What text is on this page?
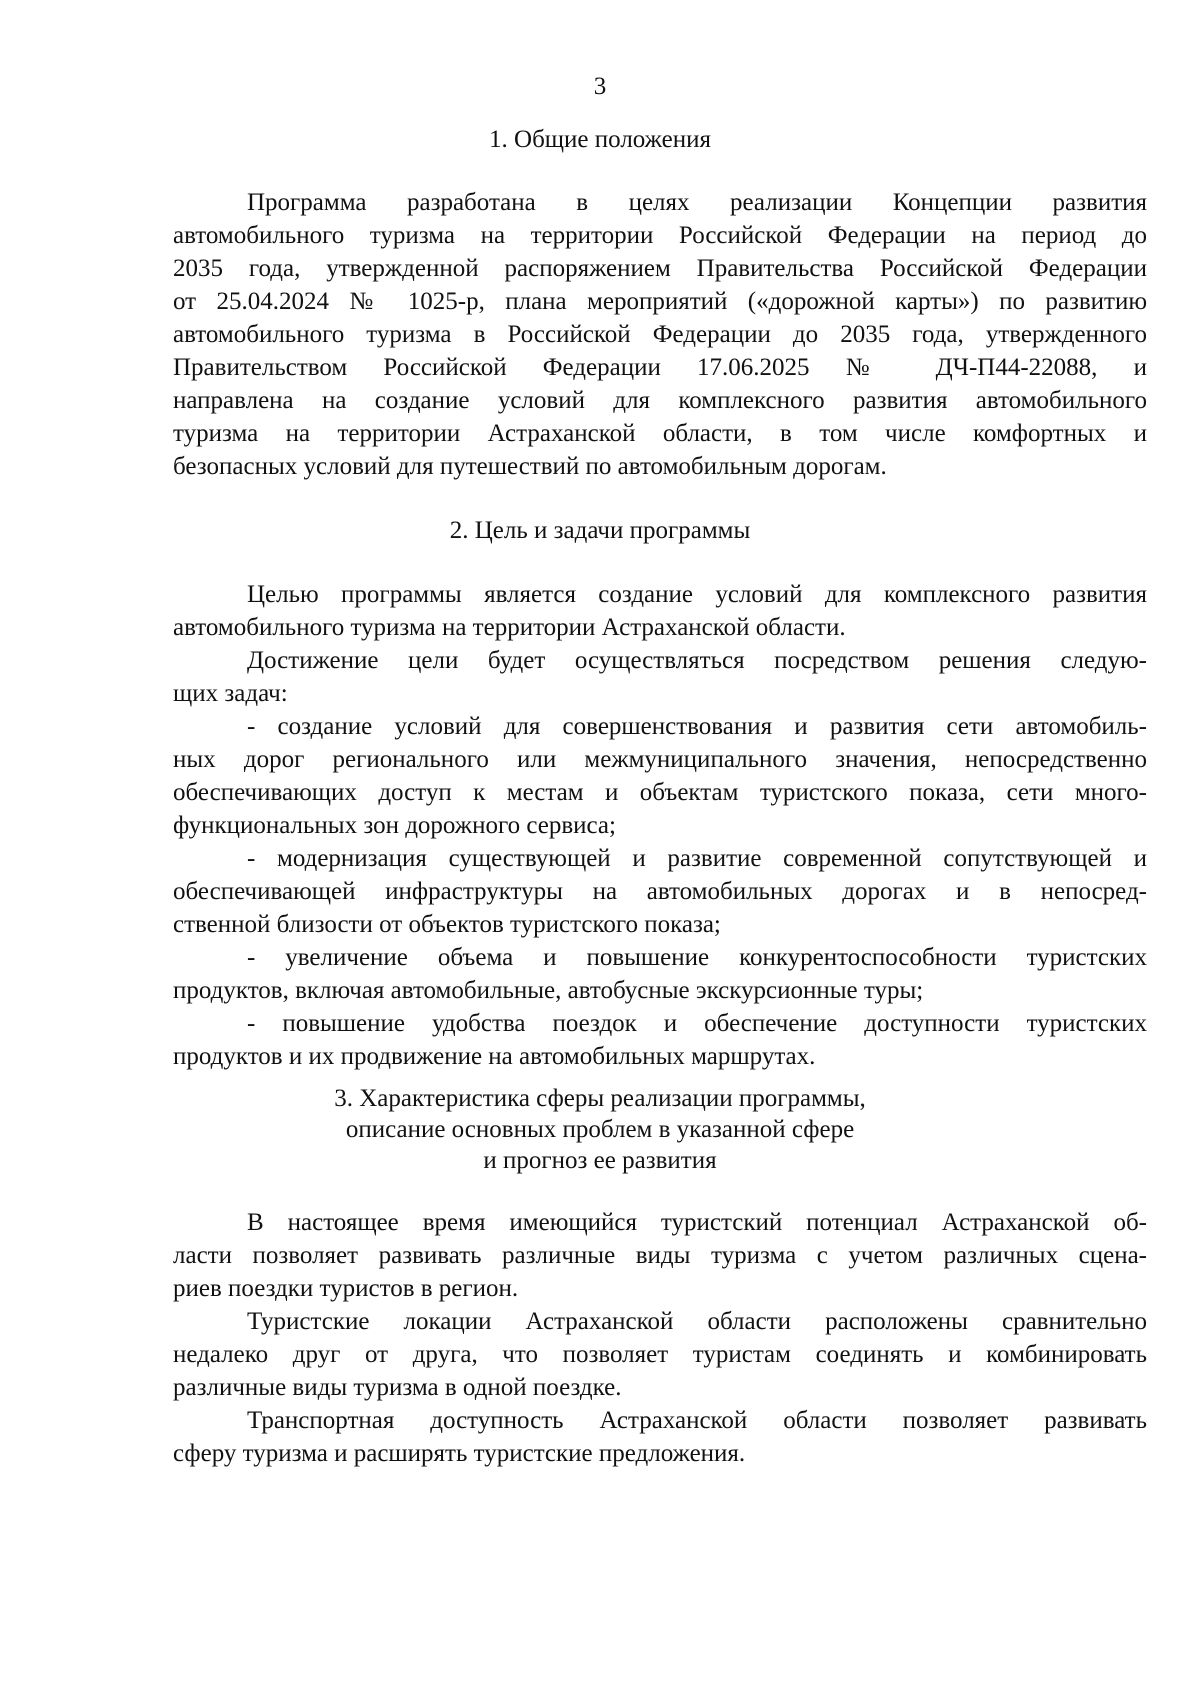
3
1. Общие положения
Программа разработана в целях реализации Концепции развития
автомобильного туризма на территории Российской Федерации на период до
2035 года, утвержденной распоряжением Правительства Российской Федерации
от 25.04.2024 № 1025-р, плана мероприятий («дорожной карты») по развитию
автомобильного туризма в Российской Федерации до 2035 года, утвержденного
Правительством Российской Федерации 17.06.2025 № ДЧ-П44-22088, и
направлена на создание условий для комплексного развития автомобильного
туризма на территории Астраханской области, в том числе комфортных и
безопасных условий для путешествий по автомобильным дорогам.
2. Цель и задачи программы
Целью программы является создание условий для комплексного развития
автомобильного туризма на территории Астраханской области.
Достижение цели будет осуществляться посредством решения следую-
щих задач:
- создание условий для совершенствования и развития сети автомобиль-
ных дорог регионального или межмуниципального значения, непосредственно
обеспечивающих доступ к местам и объектам туристского показа, сети много-
функциональных зон дорожного сервиса;
- модернизация существующей и развитие современной сопутствующей и
обеспечивающей инфраструктуры на автомобильных дорогах и в непосред-
ственной близости от объектов туристского показа;
- увеличение объема и повышение конкурентоспособности туристских
продуктов, включая автомобильные, автобусные экскурсионные туры;
- повышение удобства поездок и обеспечение доступности туристских
продуктов и их продвижение на автомобильных маршрутах.
3. Характеристика сферы реализации программы,
описание основных проблем в указанной сфере
и прогноз ее развития
В настоящее время имеющийся туристский потенциал Астраханской об-
ласти позволяет развивать различные виды туризма с учетом различных сцена-
риев поездки туристов в регион.
Туристские локации Астраханской области расположены сравнительно
недалеко друг от друга, что позволяет туристам соединять и комбинировать
различные виды туризма в одной поездке.
Транспортная доступность Астраханской области позволяет развивать
сферу туризма и расширять туристские предложения.
